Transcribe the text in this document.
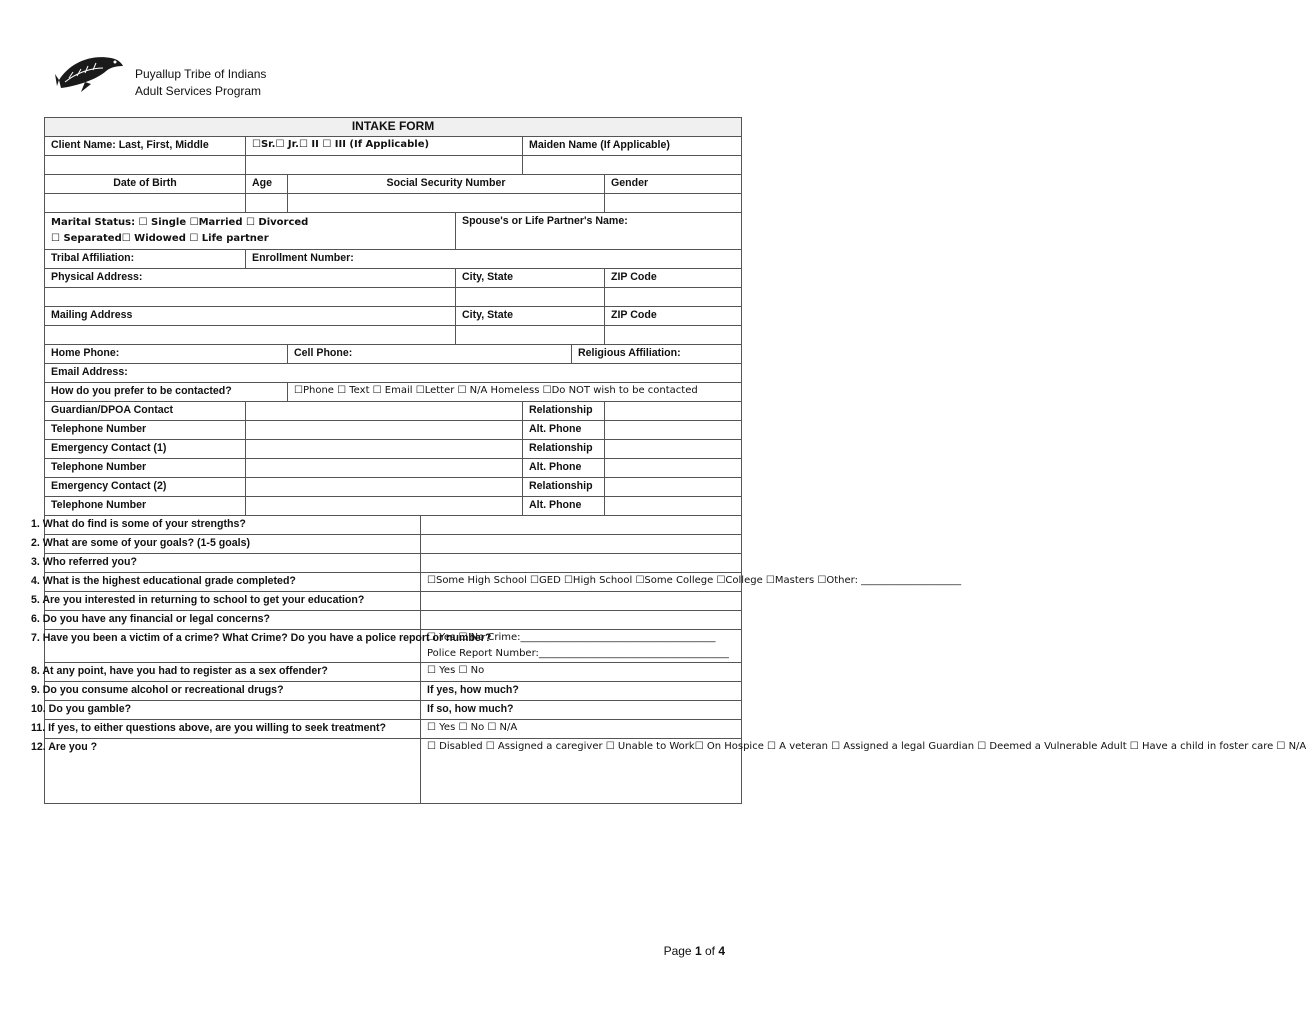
Puyallup Tribe of Indians
Adult Services Program
INTAKE FORM							
Client Name: Last, First, Middle	☐Sr.☐ Jr.☐ II ☐ III (If Applicable)				Maiden Name (If Applicable)		

Date of Birth	Age	Social Security Number					Gender

Marital Status: ☐ Single ☐Married ☐ Divorced
☐ Separated☐ Widowed ☐ Life partner				Spouse's or Life Partner's Name:			
Tribal Affiliation:	Enrollment Number:						
Physical Address:				City, State			ZIP Code

Mailing Address				City, State			ZIP Code

Home Phone:		Cell Phone:				Religious Affiliation:	
Email Address:							
How do you prefer to be contacted?		☐Phone ☐ Text ☐ Email ☐Letter ☐ N/A Homeless ☐Do NOT wish to be contacted					
Guardian/DPOA Contact					Relationship		
Telephone Number					Alt. Phone		
Emergency Contact (1)					Relationship		
Telephone Number					Alt. Phone		
Emergency Contact (2)					Relationship		
Telephone Number					Alt. Phone		
1. What do find is some of your strengths?							
2. What are some of your goals? (1-5 goals)							
3. Who referred you?							
4. What is the highest educational grade completed?			☐Some High School ☐GED ☐High School ☐Some College ☐College ☐Masters ☐Other: ____________________				
5. Are you interested in returning to school to get your education?							
6. Do you have any financial or legal concerns?							
7. Have you been a victim of a crime? What Crime? Do you have a police report or number?			☐ Yes ☐ No Crime:_______________________________________
Police Report Number:______________________________________				

8. At any point, have you had to register as a sex offender?			☐ Yes ☐ No				
9. Do you consume alcohol or recreational drugs?			If yes, how much?				
10. Do you gamble?			If so, how much?				
11. If yes, to either questions above, are you willing to seek treatment?			☐ Yes ☐ No ☐ N/A				
12. Are you ?			☐ Disabled ☐ Assigned a caregiver ☐ Unable to Work☐ On Hospice ☐ A veteran ☐ Assigned a legal Guardian ☐ Deemed a Vulnerable Adult ☐ Have a child in foster care ☐ N/A				
Page 1 of 4
